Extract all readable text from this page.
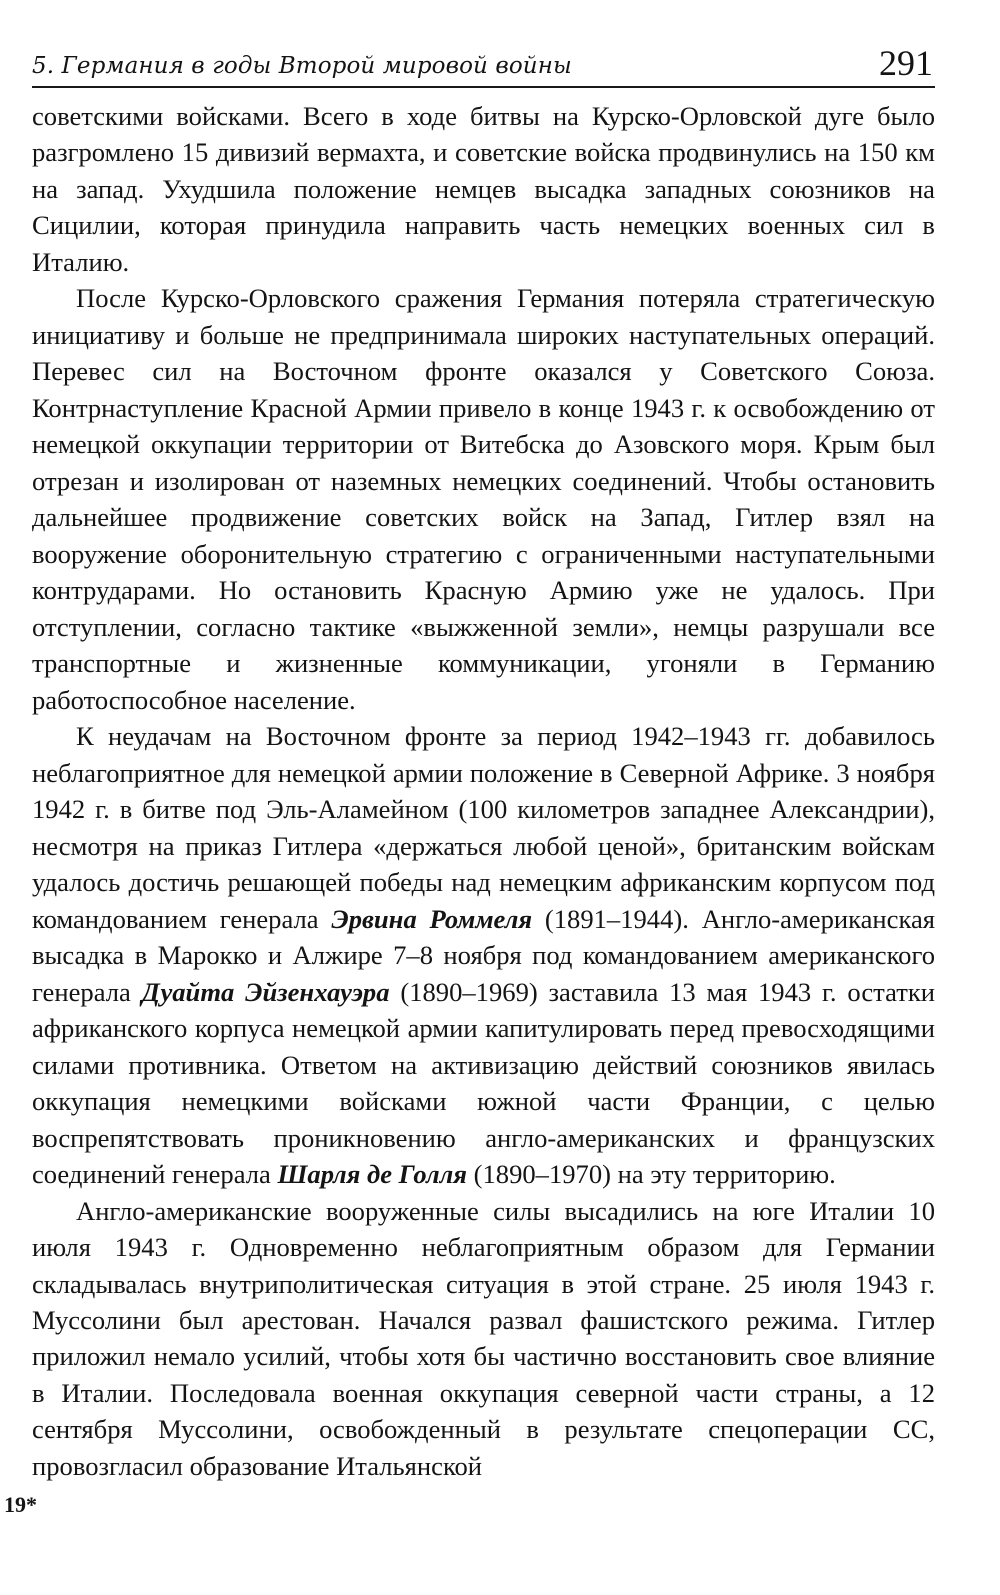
5. Германия в годы Второй мировой войны	291

советскими войсками. Всего в ходе битвы на Курско-Орловской дуге было разгромлено 15 дивизий вермахта, и советские войска продвинулись на 150 км на запад. Ухудшила положение немцев высадка западных союзников на Сицилии, которая принудила направить часть немецких военных сил в Италию.

После Курско-Орловского сражения Германия потеряла стратегическую инициативу и больше не предпринимала широких наступательных операций. Перевес сил на Восточном фронте оказался у Советского Союза. Контрнаступление Красной Армии привело в конце 1943 г. к освобождению от немецкой оккупации территории от Витебска до Азовского моря. Крым был отрезан и изолирован от наземных немецких соединений. Чтобы остановить дальнейшее продвижение советских войск на Запад, Гитлер взял на вооружение оборонительную стратегию с ограниченными наступательными контрударами. Но остановить Красную Армию уже не удалось. При отступлении, согласно тактике «выжженной земли», немцы разрушали все транспортные и жизненные коммуникации, угоняли в Германию работоспособное население.

К неудачам на Восточном фронте за период 1942–1943 гг. добавилось неблагоприятное для немецкой армии положение в Северной Африке. 3 ноября 1942 г. в битве под Эль-Аламейном (100 километров западнее Александрии), несмотря на приказ Гитлера «держаться любой ценой», британским войскам удалось достичь решающей победы над немецким африканским корпусом под командованием генерала Эрвина Роммеля (1891–1944). Англо-американская высадка в Марокко и Алжире 7–8 ноября под командованием американского генерала Дуайта Эйзенхауэра (1890–1969) заставила 13 мая 1943 г. остатки африканского корпуса немецкой армии капитулировать перед превосходящими силами противника. Ответом на активизацию действий союзников явилась оккупация немецкими войсками южной части Франции, с целью воспрепятствовать проникновению англо-американских и французских соединений генерала Шарля де Голля (1890–1970) на эту территорию.

Англо-американские вооруженные силы высадились на юге Италии 10 июля 1943 г. Одновременно неблагоприятным образом для Германии складывалась внутриполитическая ситуация в этой стране. 25 июля 1943 г. Муссолини был арестован. Начался развал фашистского режима. Гитлер приложил немало усилий, чтобы хотя бы частично восстановить свое влияние в Италии. Последовала военная оккупация северной части страны, а 12 сентября Муссолини, освобожденный в результате спецоперации СС, провозгласил образование Итальянской

19*
